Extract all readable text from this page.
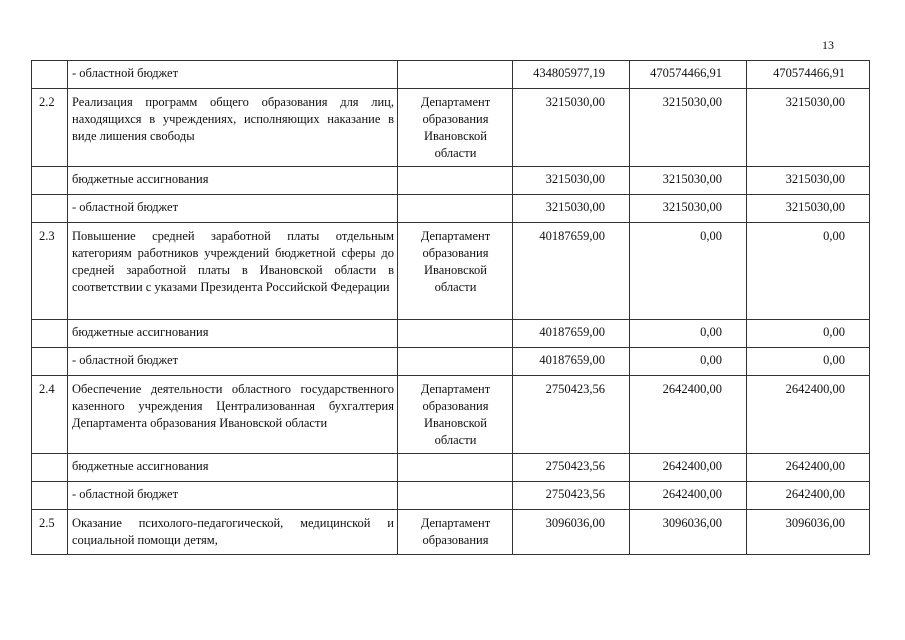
13
	- областной бюджет		434805977,19	470574466,91	470574466,91
2.2	Реализация программ общего образования для лиц, находящихся в учреждениях, исполняющих наказание в виде лишения свободы	Департамент образования Ивановской области	3215030,00	3215030,00	3215030,00
	бюджетные ассигнования		3215030,00	3215030,00	3215030,00
	- областной бюджет		3215030,00	3215030,00	3215030,00
2.3	Повышение средней заработной платы отдельным категориям работников учреждений бюджетной сферы до средней заработной платы в Ивановской области в соответствии с указами Президента Российской Федерации	Департамент образования Ивановской области	40187659,00	0,00	0,00
	бюджетные ассигнования		40187659,00	0,00	0,00
	- областной бюджет		40187659,00	0,00	0,00
2.4	Обеспечение деятельности областного государственного казенного учреждения Централизованная бухгалтерия Департамента образования Ивановской области	Департамент образования Ивановской области	2750423,56	2642400,00	2642400,00
	бюджетные ассигнования		2750423,56	2642400,00	2642400,00
	- областной бюджет		2750423,56	2642400,00	2642400,00
2.5	Оказание психолого-педагогической, медицинской и социальной помощи детям,	Департамент образования	3096036,00	3096036,00	3096036,00
